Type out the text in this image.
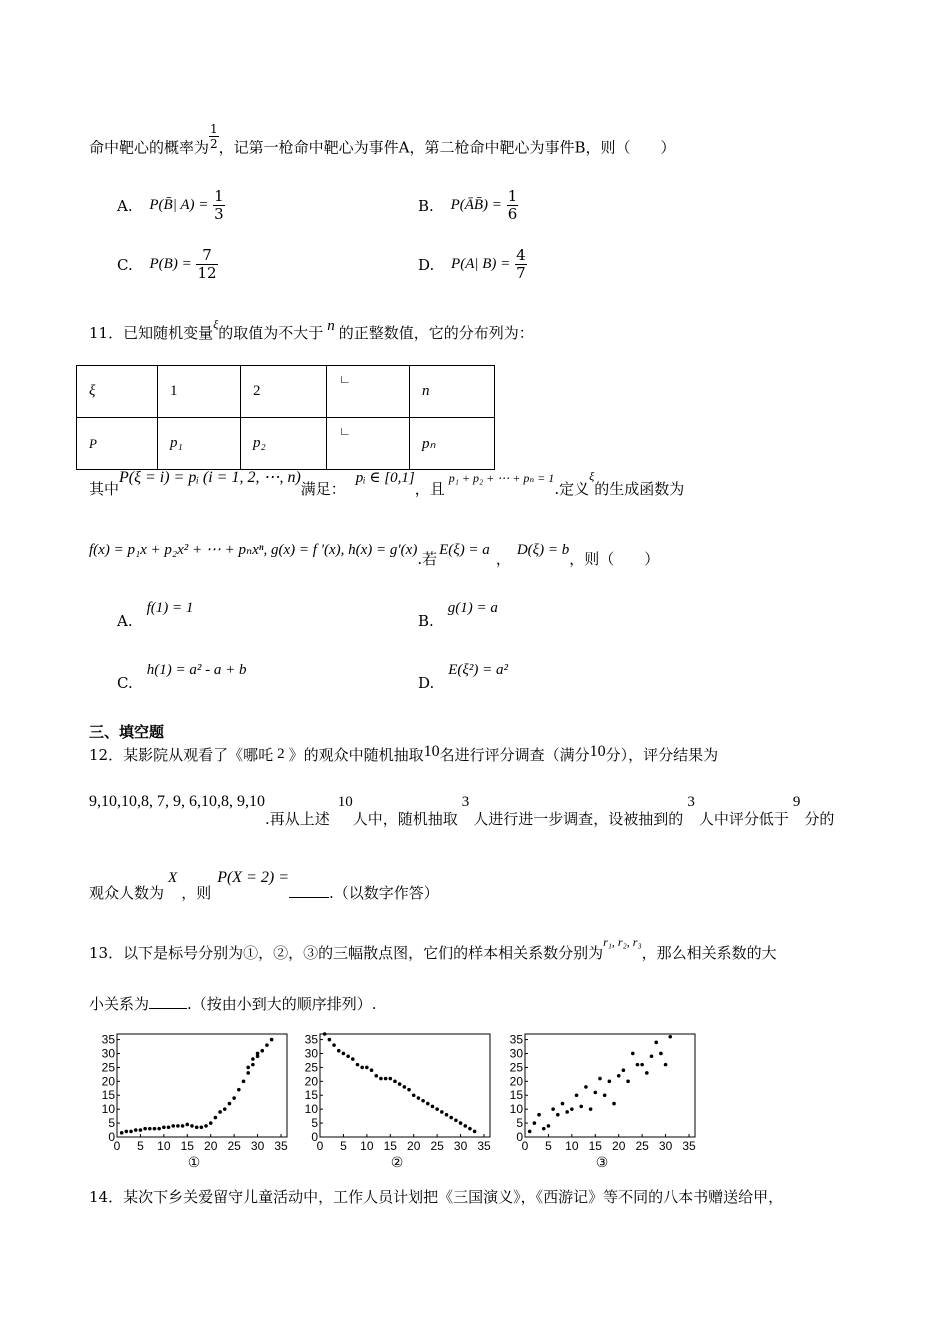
命中靶心的概率为 $\frac{1}{2}$ ，记第一枪命中靶心为事件A，第二枪命中靶心为事件B，则（　　）
A. P(B̄| $A) = \frac{1}{3}$	B. P(ĀB̄) = $\frac{1}{6}$
C. $P(B) = \frac{7}{12}$	D. P(A| $B) = \frac{4}{7}$
11．已知随机变量$^\xi$的取值为不大于 n 的正整数值，它的分布列为：
ξ	1	2	∟	n
P	p₁	p₂	∟	pₙ
其中P(ξ = i) = pᵢ (i = 1, 2, ⋯, n)满足：pᵢ ∈ [0,1]，且p₁ + p₂ + ⋯ + pₙ = 1.定义ξ的生成函数为
f(x) = p₁x + p₂x² + ⋯ + pₙxⁿ, g(x) = f ′(x), h(x) = g′(x).若 E(ξ) = a ， D(ξ) = b，则（　　）
A.f(1) = 1
B.g(1) = a
C.h(1) = a² - a + b
D.E(ξ²) = a²
三、填空题
12．某影院从观看了《哪吒 2 》的观众中随机抽取10名进行评分调查（满分10分），评分结果为
9,10,10,8, 7, 9, 6,10,8, 9,10.再从上述10人中，随机抽取3人进行进一步调查，设被抽到的3人中评分低于9分的
观众人数为X，则P(X = 2) =.（以数字作答）
13．以下是标号分别为①，②，③的三幅散点图，它们的样本相关系数分别为r₁, r₂, r₃，那么相关系数的大
小关系为	.（按由小到大的顺序排列）.
0
5
10
15
20
25
30
35
0 5 10 15 20 25 30 35
①
0
5
10
15
20
25
30
35
0 5 10 15 20 25 30 35
②
0
5
10
15
20
25
30
35
0 5 10 15 20 25 30 35
③
14．某次下乡关爱留守儿童活动中，工作人员计划把《三国演义》，《西游记》等不同的八本书赠送给甲，
